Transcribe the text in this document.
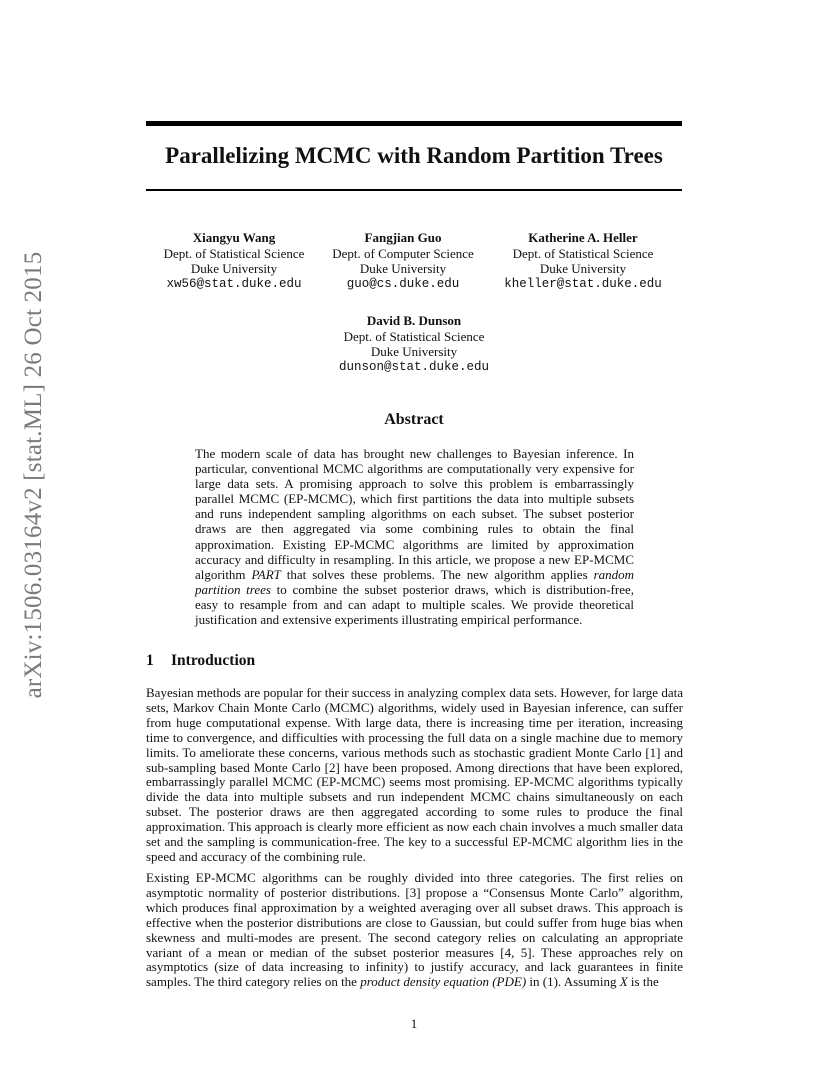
arXiv:1506.03164v2 [stat.ML] 26 Oct 2015
Parallelizing MCMC with Random Partition Trees
Xiangyu Wang
Dept. of Statistical Science
Duke University
xw56@stat.duke.edu
Fangjian Guo
Dept. of Computer Science
Duke University
guo@cs.duke.edu
Katherine A. Heller
Dept. of Statistical Science
Duke University
kheller@stat.duke.edu
David B. Dunson
Dept. of Statistical Science
Duke University
dunson@stat.duke.edu
Abstract
The modern scale of data has brought new challenges to Bayesian inference. In particular, conventional MCMC algorithms are computationally very expensive for large data sets. A promising approach to solve this problem is embarrassingly parallel MCMC (EP-MCMC), which first partitions the data into multiple subsets and runs independent sampling algorithms on each subset. The subset posterior draws are then aggregated via some combining rules to obtain the final approximation. Existing EP-MCMC algorithms are limited by approximation accuracy and difficulty in resampling. In this article, we propose a new EP-MCMC algorithm PART that solves these problems. The new algorithm applies random partition trees to combine the subset posterior draws, which is distribution-free, easy to resample from and can adapt to multiple scales. We provide theoretical justification and extensive experiments illustrating empirical performance.
1 Introduction
Bayesian methods are popular for their success in analyzing complex data sets. However, for large data sets, Markov Chain Monte Carlo (MCMC) algorithms, widely used in Bayesian inference, can suffer from huge computational expense. With large data, there is increasing time per iteration, increasing time to convergence, and difficulties with processing the full data on a single machine due to memory limits. To ameliorate these concerns, various methods such as stochastic gradient Monte Carlo [1] and sub-sampling based Monte Carlo [2] have been proposed. Among directions that have been explored, embarrassingly parallel MCMC (EP-MCMC) seems most promising. EP-MCMC algorithms typically divide the data into multiple subsets and run independent MCMC chains simultaneously on each subset. The posterior draws are then aggregated according to some rules to produce the final approximation. This approach is clearly more efficient as now each chain involves a much smaller data set and the sampling is communication-free. The key to a successful EP-MCMC algorithm lies in the speed and accuracy of the combining rule.
Existing EP-MCMC algorithms can be roughly divided into three categories. The first relies on asymptotic normality of posterior distributions. [3] propose a “Consensus Monte Carlo” algorithm, which produces final approximation by a weighted averaging over all subset draws. This approach is effective when the posterior distributions are close to Gaussian, but could suffer from huge bias when skewness and multi-modes are present. The second category relies on calculating an appropriate variant of a mean or median of the subset posterior measures [4, 5]. These approaches rely on asymptotics (size of data increasing to infinity) to justify accuracy, and lack guarantees in finite samples. The third category relies on the product density equation (PDE) in (1). Assuming X is the
1
